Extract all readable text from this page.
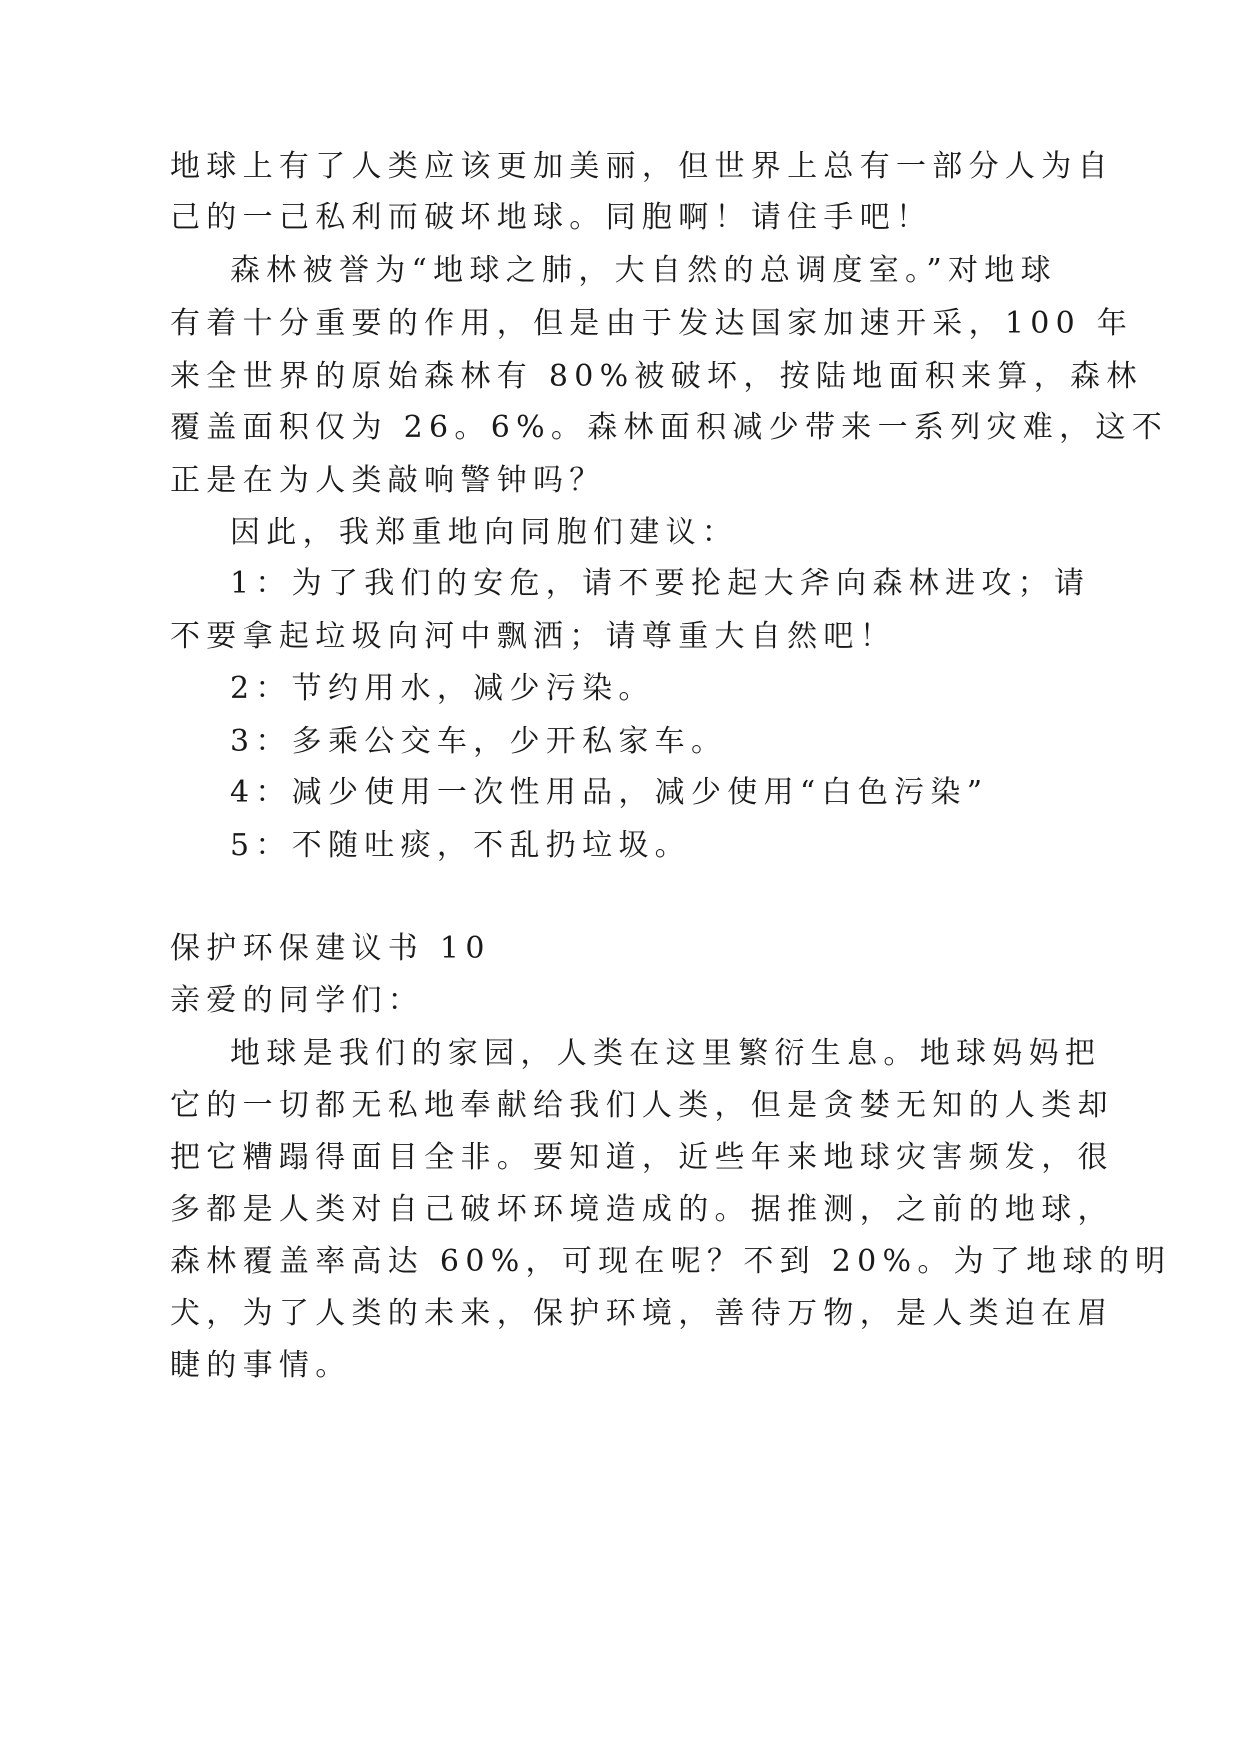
地球上有了人类应该更加美丽，但世界上总有一部分人为自
己的一己私利而破坏地球。同胞啊！请住手吧！
森林被誉为“地球之肺，大自然的总调度室。”对地球
有着十分重要的作用，但是由于发达国家加速开采，100 年
来全世界的原始森林有 80%被破坏，按陆地面积来算，森林
覆盖面积仅为 26。6%。森林面积减少带来一系列灾难，这不
正是在为人类敲响警钟吗？
因此，我郑重地向同胞们建议：
1：为了我们的安危，请不要抡起大斧向森林进攻；请
不要拿起垃圾向河中飘洒；请尊重大自然吧！
2：节约用水，减少污染。
3：多乘公交车，少开私家车。
4：减少使用一次性用品，减少使用“白色污染”
5：不随吐痰，不乱扔垃圾。
保护环保建议书 10
亲爱的同学们：
地球是我们的家园，人类在这里繁衍生息。地球妈妈把
它的一切都无私地奉献给我们人类，但是贪婪无知的人类却
把它糟蹋得面目全非。要知道，近些年来地球灾害频发，很
多都是人类对自己破坏环境造成的。据推测，之前的地球，
森林覆盖率高达 60%，可现在呢？不到 20%。为了地球的明
犬，为了人类的未来，保护环境，善待万物，是人类迫在眉
睫的事情。
